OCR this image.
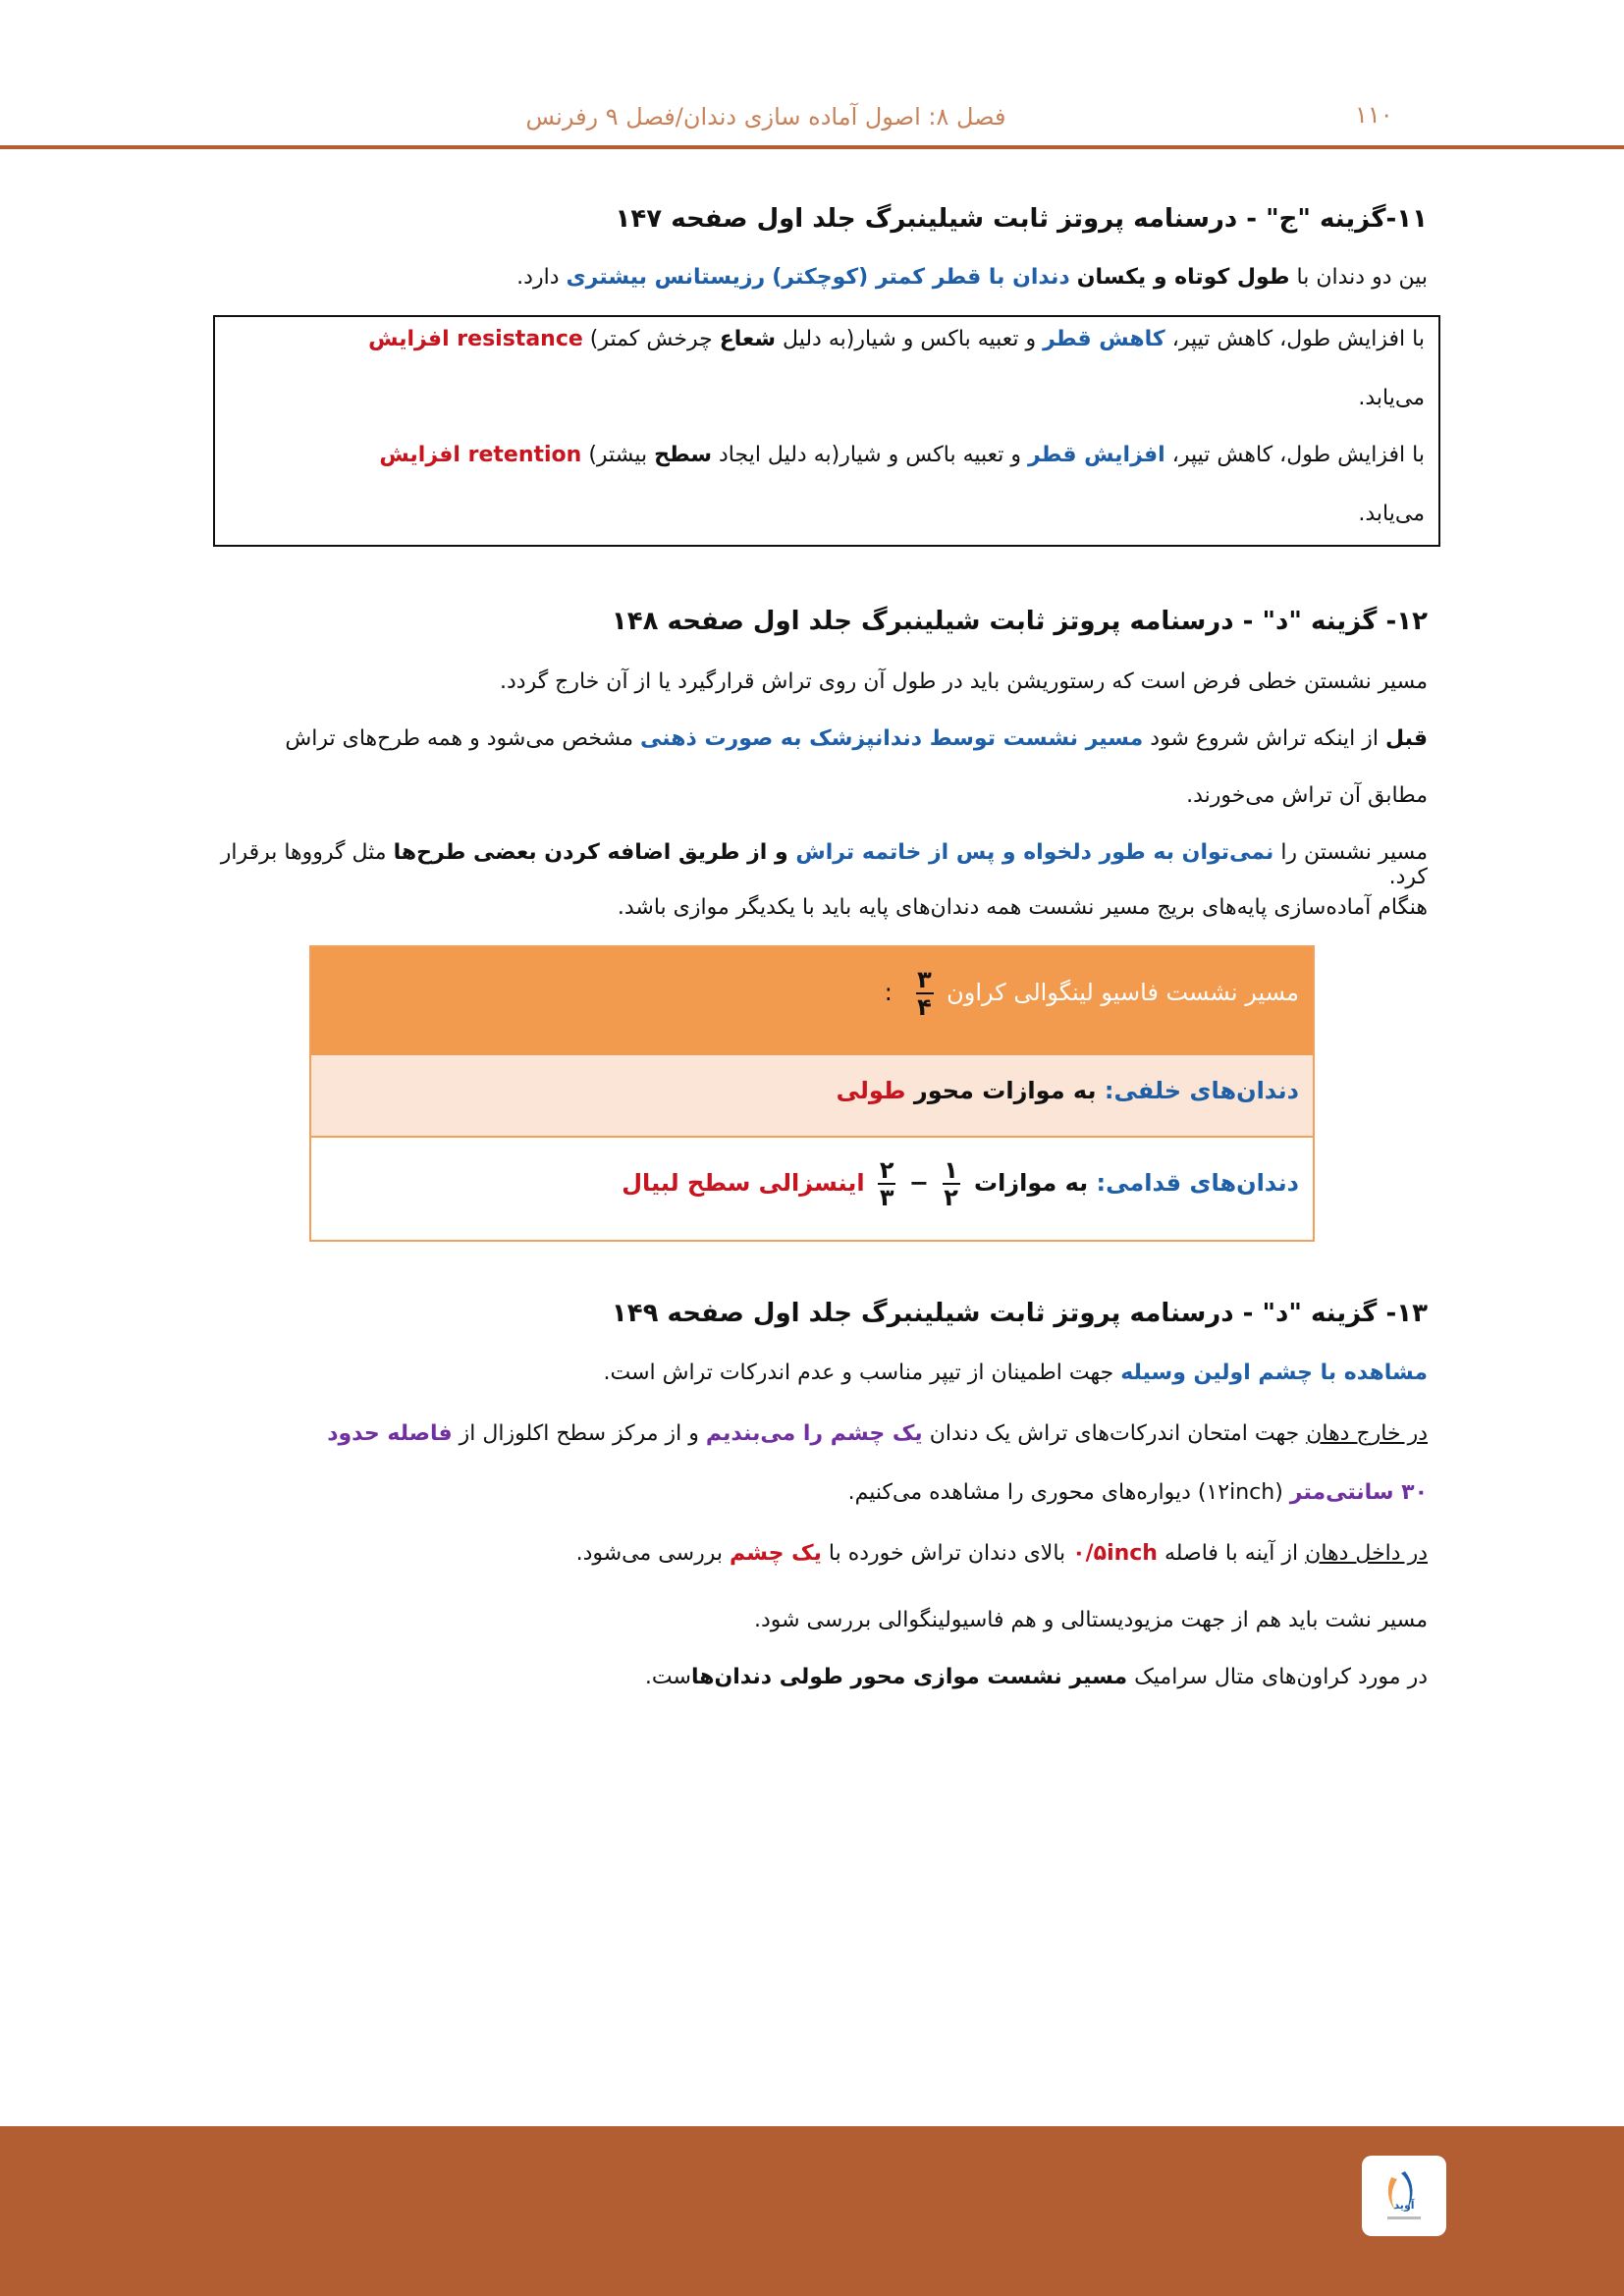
فصل ۸: اصول آماده سازی دندان/فصل ۹ رفرنس	۱۱۰
۱۱-گزینه "ج" - درسنامه پروتز ثابت شیلینبرگ جلد اول صفحه ۱۴۷
بین دو دندان با طول کوتاه و یکسان دندان با قطر کمتر (کوچکتر) رزیستانس بیشتری دارد.
با افزایش طول، کاهش تیپر، کاهش قطر و تعبیه باکس و شیار(به دلیل شعاع چرخش کمتر) resistance افزایش
می‌یابد.
با افزایش طول، کاهش تیپر، افزایش قطر و تعبیه باکس و شیار(به دلیل ایجاد سطح بیشتر) retention افزایش
می‌یابد.
۱۲- گزینه "د" - درسنامه پروتز ثابت شیلینبرگ جلد اول صفحه ۱۴۸
مسیر نشستن خطی فرض است که رستوریشن باید در طول آن روی تراش قرارگیرد یا از آن خارج گردد.
قبل از اینکه تراش شروع شود مسیر نشست توسط دندانپزشک به صورت ذهنی مشخص می‌شود و همه طرح‌های تراش
مطابق آن تراش می‌خورند.
مسیر نشستن را نمی‌توان به طور دلخواه و پس از خاتمه تراش و از طریق اضافه کردن بعضی طرح‌ها مثل گرووها برقرار کرد.
هنگام آماده‌سازی پایه‌های بریج مسیر نشست همه دندان‌های پایه باید با یکدیگر موازی باشد.
مسیر نشست فاسیو لینگوالی کراون
$\frac{۳}{۴}$
:
دندان‌های خلفی: به موازات محور طولی
دندان‌های قدامی: به موازات
$\frac{۱}{۲}$
−
$\frac{۲}{۳}$
اینسزالی سطح لبیال
۱۳- گزینه "د" - درسنامه پروتز ثابت شیلینبرگ جلد اول صفحه ۱۴۹
مشاهده با چشم اولین وسیله جهت اطمینان از تیپر مناسب و عدم اندرکات تراش است.
در خارج دهان جهت امتحان اندرکات‌های تراش یک دندان یک چشم را می‌بندیم و از مرکز سطح اکلوزال از فاصله حدود
۳۰ سانتی‌متر (۱۲inch) دیواره‌های محوری را مشاهده می‌کنیم.
در داخل دهان از آینه با فاصله ۰/۵inch بالای دندان تراش خورده با یک چشم بررسی می‌شود.
مسیر نشت باید هم از جهت مزیودیستالی و هم فاسیولینگوالی بررسی شود.
در مورد کراون‌های متال سرامیک مسیر نشست موازی محور طولی دندان‌هاست.
آوید
